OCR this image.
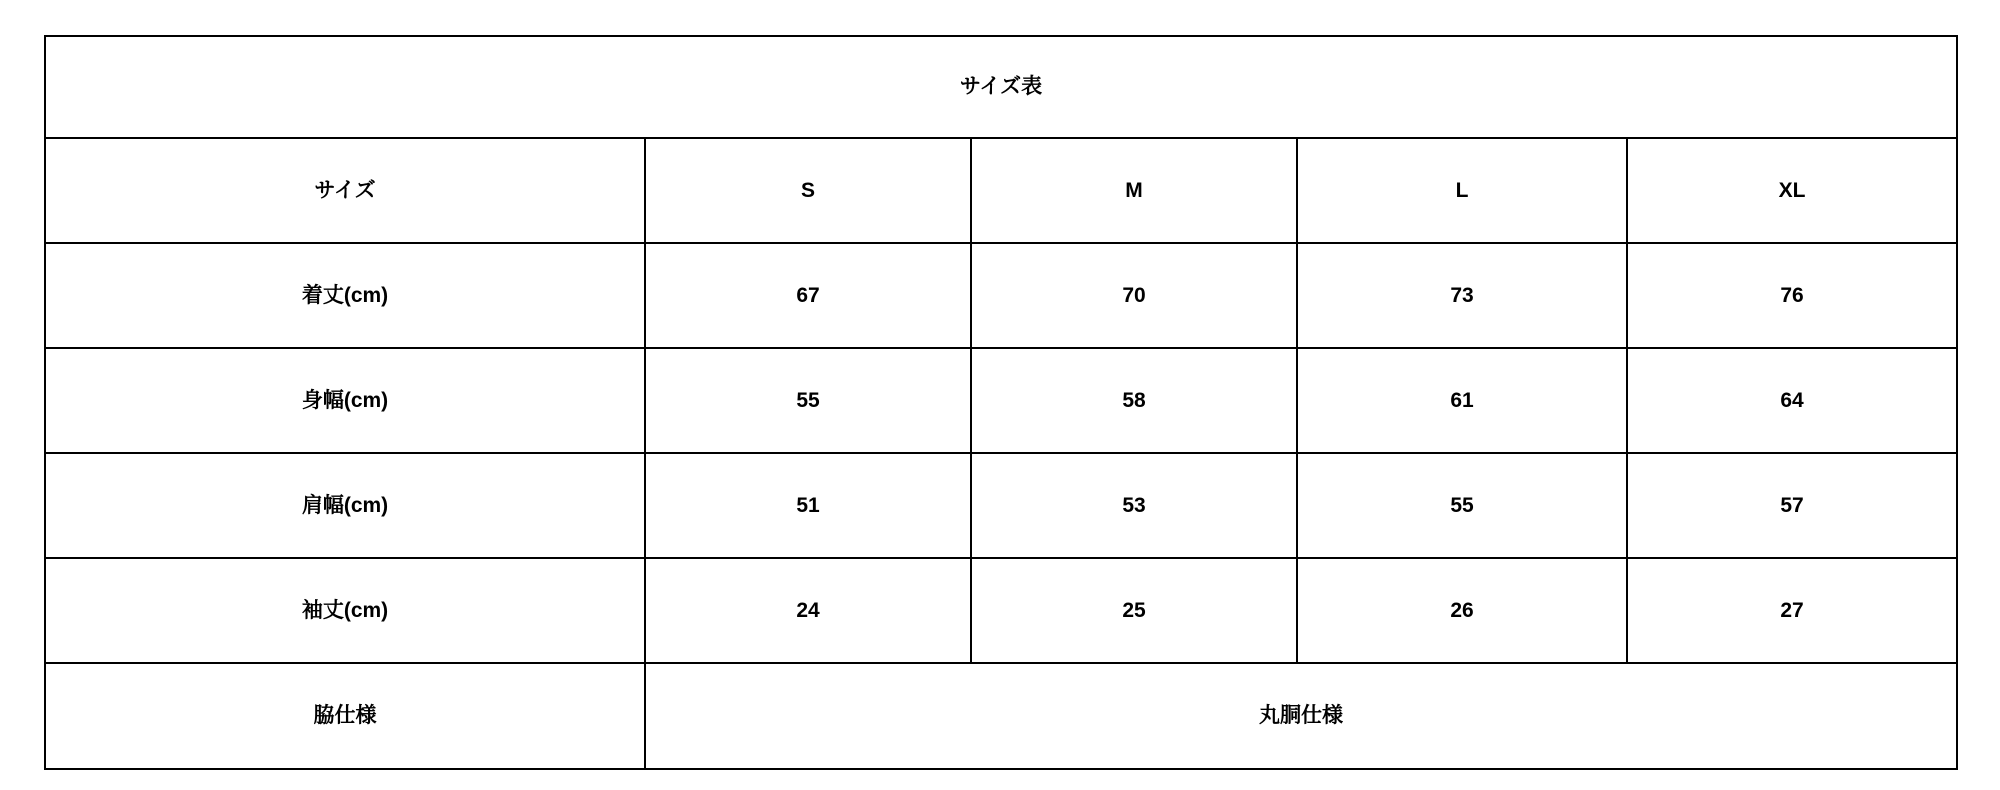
サイズ表				
サイズ	S	M	L	XL
着丈(cm)	67	70	73	76
身幅(cm)	55	58	61	64
肩幅(cm)	51	53	55	57
袖丈(cm)	24	25	26	27
脇仕様	丸胴仕様			
